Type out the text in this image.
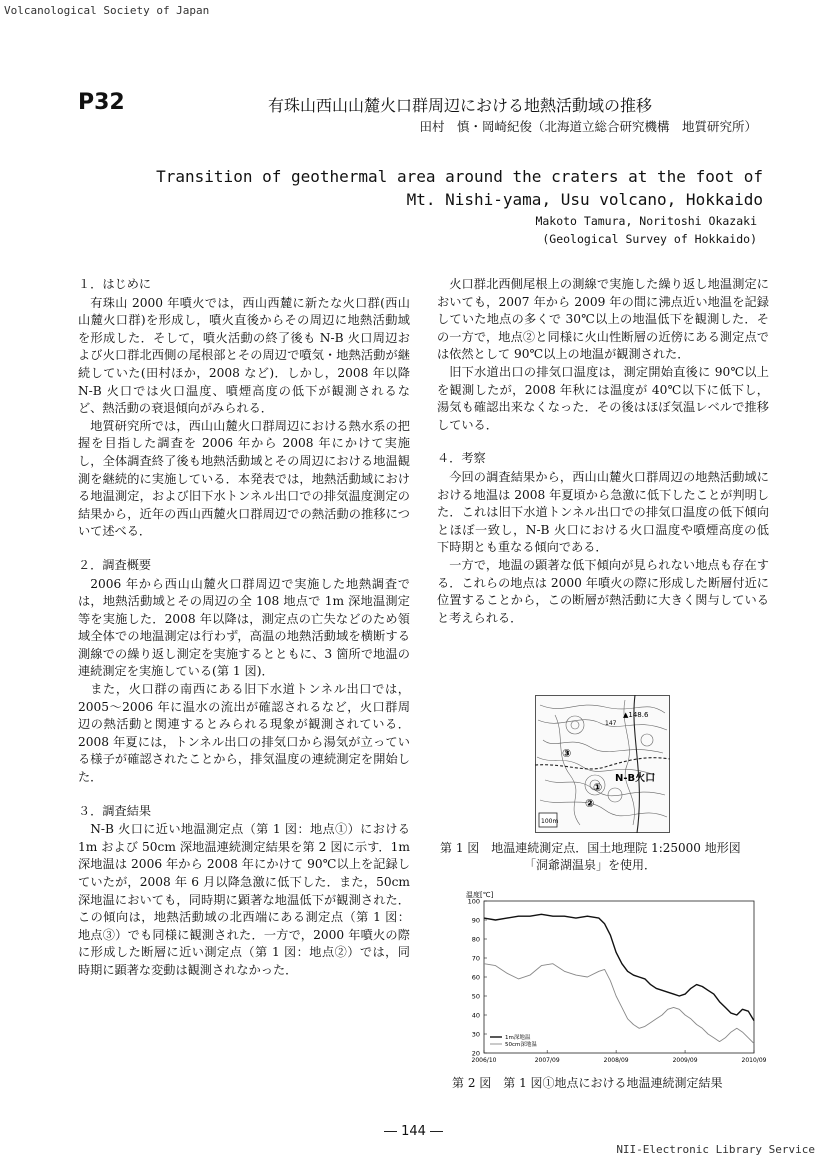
Volcanological Society of Japan
NII-Electronic Library Service
― 144 ―
P32	有珠山西山山麓火口群周辺における地熱活動域の推移
田村　慎・岡崎紀俊（北海道立総合研究機構　地質研究所）
Transition of geothermal area around the craters at the foot of
Mt. Nishi-yama, Usu volcano, Hokkaido
Makoto Tamura, Noritoshi Okazaki
(Geological Survey of Hokkaido)
１．はじめに

有珠山 2000 年噴火では，西山西麓に新たな火口群(西山山麓火口群)を形成し，噴火直後からその周辺に地熱活動域を形成した．そして，噴火活動の終了後も N-B 火口周辺および火口群北西側の尾根部とその周辺で噴気・地熱活動が継続していた(田村ほか，2008 など)．しかし，2008 年以降 N-B 火口では火口温度、噴煙高度の低下が観測されるなど、熱活動の衰退傾向がみられる．

地質研究所では，西山山麓火口群周辺における熱水系の把握を目指した調査を 2006 年から 2008 年にかけて実施し，全体調査終了後も地熱活動域とその周辺における地温観測を継続的に実施している．本発表では，地熱活動域における地温測定，および旧下水トンネル出口での排気温度測定の結果から，近年の西山西麓火口群周辺での熱活動の推移について述べる．

２．調査概要

2006 年から西山山麓火口群周辺で実施した地熱調査では，地熱活動域とその周辺の全 108 地点で 1m 深地温測定等を実施した．2008 年以降は，測定点の亡失などのため領域全体での地温測定は行わず，高温の地熱活動域を横断する測線での繰り返し測定を実施するとともに、3 箇所で地温の連続測定を実施している(第 1 図)．

また，火口群の南西にある旧下水道トンネル出口では，2005～2006 年に温水の流出が確認されるなど，火口群周辺の熱活動と関連するとみられる現象が観測されている．2008 年夏には，トンネル出口の排気口から湯気が立っている様子が確認されたことから，排気温度の連続測定を開始した．

３．調査結果

N-B 火口に近い地温測定点（第 1 図：地点①）における 1m および 50cm 深地温連続測定結果を第 2 図に示す．1m 深地温は 2006 年から 2008 年にかけて 90℃以上を記録していたが，2008 年 6 月以降急激に低下した．また，50cm 深地温においても，同時期に顕著な地温低下が観測された．この傾向は，地熱活動域の北西端にある測定点（第 1 図：地点③）でも同様に観測された．一方で，2000 年噴火の際に形成した断層に近い測定点（第 1 図：地点②）では，同時期に顕著な変動は観測されなかった．

火口群北西側尾根上の測線で実施した繰り返し地温測定においても，2007 年から 2009 年の間に沸点近い地温を記録していた地点の多くで 30℃以上の地温低下を観測した．その一方で，地点②と同様に火山性断層の近傍にある測定点では依然として 90℃以上の地温が観測された．

旧下水道出口の排気口温度は，測定開始直後に 90℃以上を観測したが，2008 年秋には温度が 40℃以下に低下し，湯気も確認出来なくなった．その後はほぼ気温レベルで推移している．

４．考察

今回の調査結果から，西山山麓火口群周辺の地熱活動域における地温は 2008 年夏頃から急激に低下したことが判明した．これは旧下水道トンネル出口での排気口温度の低下傾向とほぼ一致し，N-B 火口における火口温度や噴煙高度の低下時期とも重なる傾向である．

一方で，地温の顕著な低下傾向が見られない地点も存在する．これらの地点は 2000 年噴火の際に形成した断層付近に位置することから，この断層が熱活動に大きく関与していると考えられる．

▲148.6
147
③
①
②
N-B火口
100m
第 1 図　地温連続測定点．国土地理院 1:25000 地形図
「洞爺湖温泉」を使用．
温度[℃]
100
90
80
70
60
50
40
30
20
2006/10	2007/09	2008/09	2009/09	2010/09
1m深地温
50cm深地温
第 2 図　第 1 図①地点における地温連続測定結果
